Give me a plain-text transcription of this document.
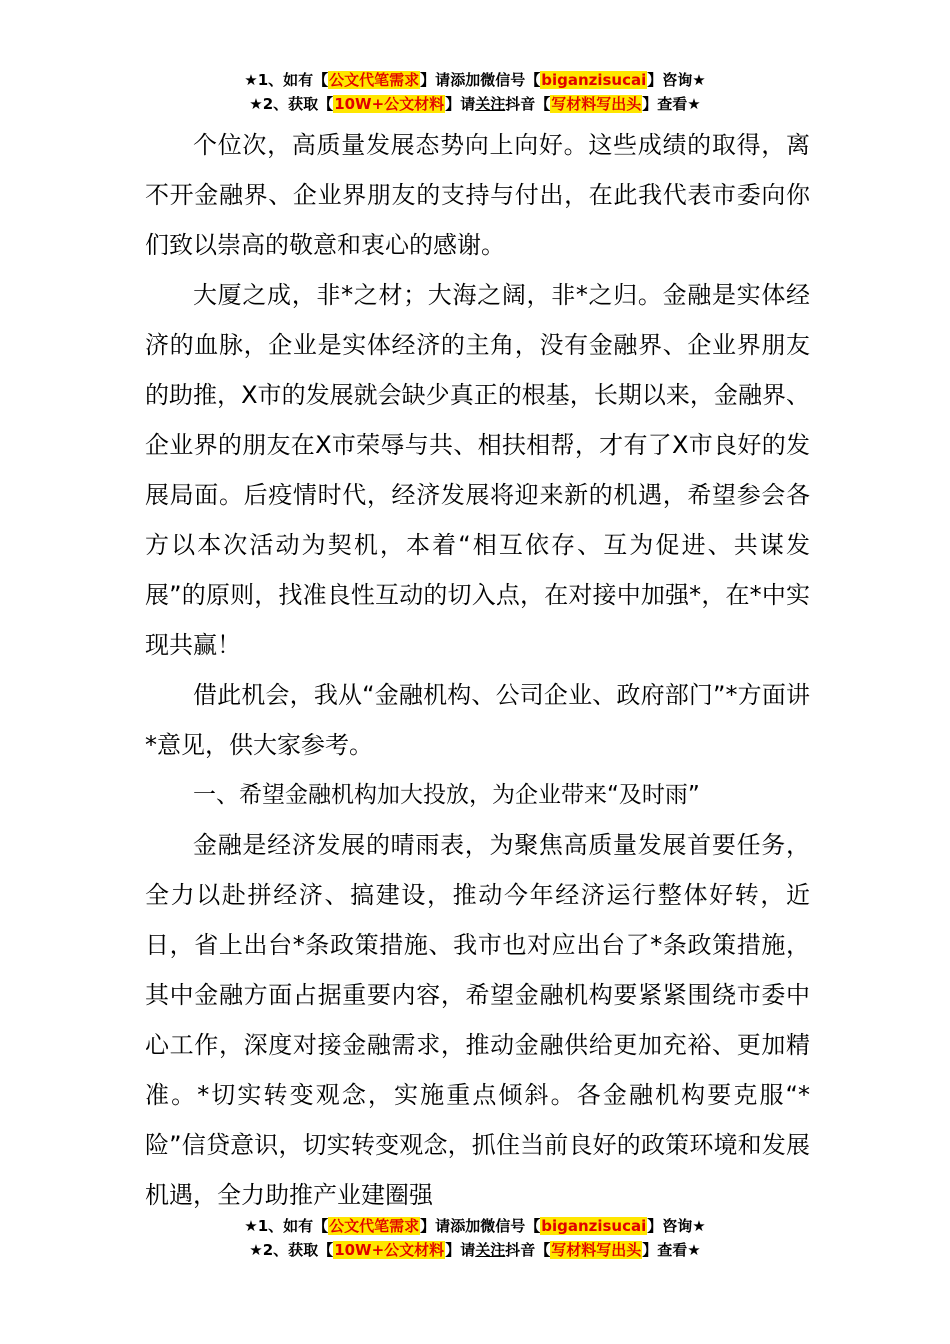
★1、如有【公文代笔需求】请添加微信号【biganzisucai】咨询★
★2、获取【10W+公文材料】请关注抖音【写材料写出头】查看★

个位次，高质量发展态势向上向好。这些成绩的取得，离不开金融界、企业界朋友的支持与付出，在此我代表市委向你们致以崇高的敬意和衷心的感谢。

大厦之成，非*之材；大海之阔，非*之归。金融是实体经济的血脉，企业是实体经济的主角，没有金融界、企业界朋友的助推，X市的发展就会缺少真正的根基，长期以来，金融界、企业界的朋友在X市荣辱与共、相扶相帮，才有了X市良好的发展局面。后疫情时代，经济发展将迎来新的机遇，希望参会各方以本次活动为契机，本着“相互依存、互为促进、共谋发展”的原则，找准良性互动的切入点，在对接中加强*，在*中实现共赢！

借此机会，我从“金融机构、公司企业、政府部门”*方面讲*意见，供大家参考。

一、希望金融机构加大投放，为企业带来“及时雨”

金融是经济发展的晴雨表，为聚焦高质量发展首要任务，全力以赴拼经济、搞建设，推动今年经济运行整体好转，近日，省上出台*条政策措施、我市也对应出台了*条政策措施，其中金融方面占据重要内容，希望金融机构要紧紧围绕市委中心工作，深度对接金融需求，推动金融供给更加充裕、更加精准。*切实转变观念，实施重点倾斜。各金融机构要克服“*险”信贷意识，切实转变观念，抓住当前良好的政策环境和发展机遇，全力助推产业建圈强

★1、如有【公文代笔需求】请添加微信号【biganzisucai】咨询★
★2、获取【10W+公文材料】请关注抖音【写材料写出头】查看★
